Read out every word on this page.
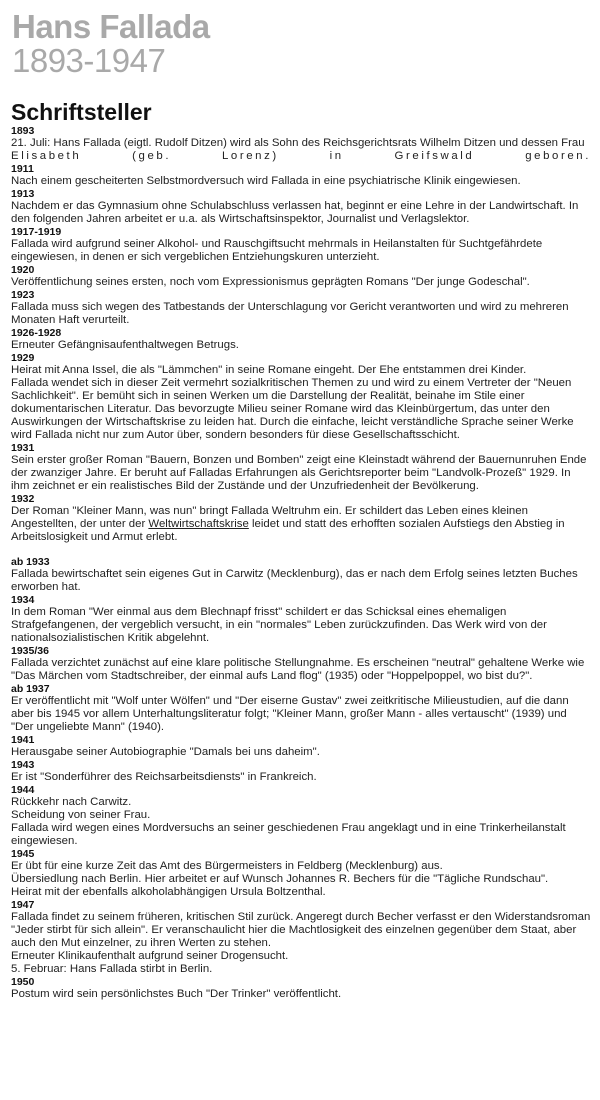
Hans Fallada
1893-1947
Schriftsteller
1893

21. Juli: Hans Fallada (eigtl. Rudolf Ditzen) wird als Sohn des Reichsgerichtsrats Wilhelm Ditzen und dessen Frau

Elisabeth (geb. Lorenz) in Greifswald geboren.

1911

Nach einem gescheiterten Selbstmordversuch wird Fallada in eine psychiatrische Klinik eingewiesen.

1913

Nachdem er das Gymnasium ohne Schulabschluss verlassen hat, beginnt er eine Lehre in der Landwirtschaft. In den folgenden Jahren arbeitet er u.a. als Wirtschaftsinspektor, Journalist und Verlagslektor.

1917-1919

Fallada wird aufgrund seiner Alkohol- und Rauschgiftsucht mehrmals in Heilanstalten für Suchtgefährdete eingewiesen, in denen er sich vergeblichen Entziehungskuren unterzieht.

1920

Veröffentlichung seines ersten, noch vom Expressionismus geprägten Romans "Der junge Godeschal".

1923

Fallada muss sich wegen des Tatbestands der Unterschlagung vor Gericht verantworten und wird zu mehreren Monaten Haft verurteilt.

1926-1928

Erneuter Gefängnisaufenthaltwegen Betrugs.

1929

Heirat mit Anna Issel, die als "Lämmchen" in seine Romane eingeht. Der Ehe entstammen drei Kinder.

Fallada wendet sich in dieser Zeit vermehrt sozialkritischen Themen zu und wird zu einem Vertreter der "Neuen Sachlichkeit". Er bemüht sich in seinen Werken um die Darstellung der Realität, beinahe im Stile einer dokumentarischen Literatur. Das bevorzugte Milieu seiner Romane wird das Kleinbürgertum, das unter den Auswirkungen der Wirtschaftskrise zu leiden hat. Durch die einfache, leicht verständliche Sprache seiner Werke wird Fallada nicht nur zum Autor über, sondern besonders für diese Gesellschaftsschicht.

1931

Sein erster großer Roman "Bauern, Bonzen und Bomben" zeigt eine Kleinstadt während der Bauernunruhen Ende der zwanziger Jahre. Er beruht auf Falladas Erfahrungen als Gerichtsreporter beim "Landvolk-Prozeß" 1929. In ihm zeichnet er ein realistisches Bild der Zustände und der Unzufriedenheit der Bevölkerung.

1932

Der Roman "Kleiner Mann, was nun" bringt Fallada Weltruhm ein. Er schildert das Leben eines kleinen Angestellten, der unter der Weltwirtschaftskrise leidet und statt des erhofften sozialen Aufstiegs den Abstieg in Arbeitslosigkeit und Armut erlebt.

ab 1933

Fallada bewirtschaftet sein eigenes Gut in Carwitz (Mecklenburg), das er nach dem Erfolg seines letzten Buches erworben hat.

1934

In dem Roman "Wer einmal aus dem Blechnapf frisst" schildert er das Schicksal eines ehemaligen Strafgefangenen, der vergeblich versucht, in ein "normales" Leben zurückzufinden. Das Werk wird von der nationalsozialistischen Kritik abgelehnt.

1935/36

Fallada verzichtet zunächst auf eine klare politische Stellungnahme. Es erscheinen "neutral" gehaltene Werke wie "Das Märchen vom Stadtschreiber, der einmal aufs Land flog" (1935) oder "Hoppelpoppel, wo bist du?".

ab 1937

Er veröffentlicht mit "Wolf unter Wölfen" und "Der eiserne Gustav" zwei zeitkritische Milieustudien, auf die dann aber bis 1945 vor allem Unterhaltungsliteratur folgt; "Kleiner Mann, großer Mann - alles vertauscht" (1939) und "Der ungeliebte Mann" (1940).

1941

Herausgabe seiner Autobiographie "Damals bei uns daheim".

1943

Er ist "Sonderführer des Reichsarbeitsdiensts" in Frankreich.

1944

Rückkehr nach Carwitz.

Scheidung von seiner Frau.

Fallada wird wegen eines Mordversuchs an seiner geschiedenen Frau angeklagt und in eine Trinkerheilanstalt eingewiesen.

1945

Er übt für eine kurze Zeit das Amt des Bürgermeisters in Feldberg (Mecklenburg) aus.

Übersiedlung nach Berlin. Hier arbeitet er auf Wunsch Johannes R. Bechers für die "Tägliche Rundschau".

Heirat mit der ebenfalls alkoholabhängigen Ursula Boltzenthal.

1947

Fallada findet zu seinem früheren, kritischen Stil zurück. Angeregt durch Becher verfasst er den Widerstandsroman "Jeder stirbt für sich allein". Er veranschaulicht hier die Machtlosigkeit des einzelnen gegenüber dem Staat, aber auch den Mut einzelner, zu ihren Werten zu stehen.

Erneuter Klinikaufenthalt aufgrund seiner Drogensucht.

5. Februar: Hans Fallada stirbt in Berlin.

1950

Postum wird sein persönlichstes Buch "Der Trinker" veröffentlicht.
